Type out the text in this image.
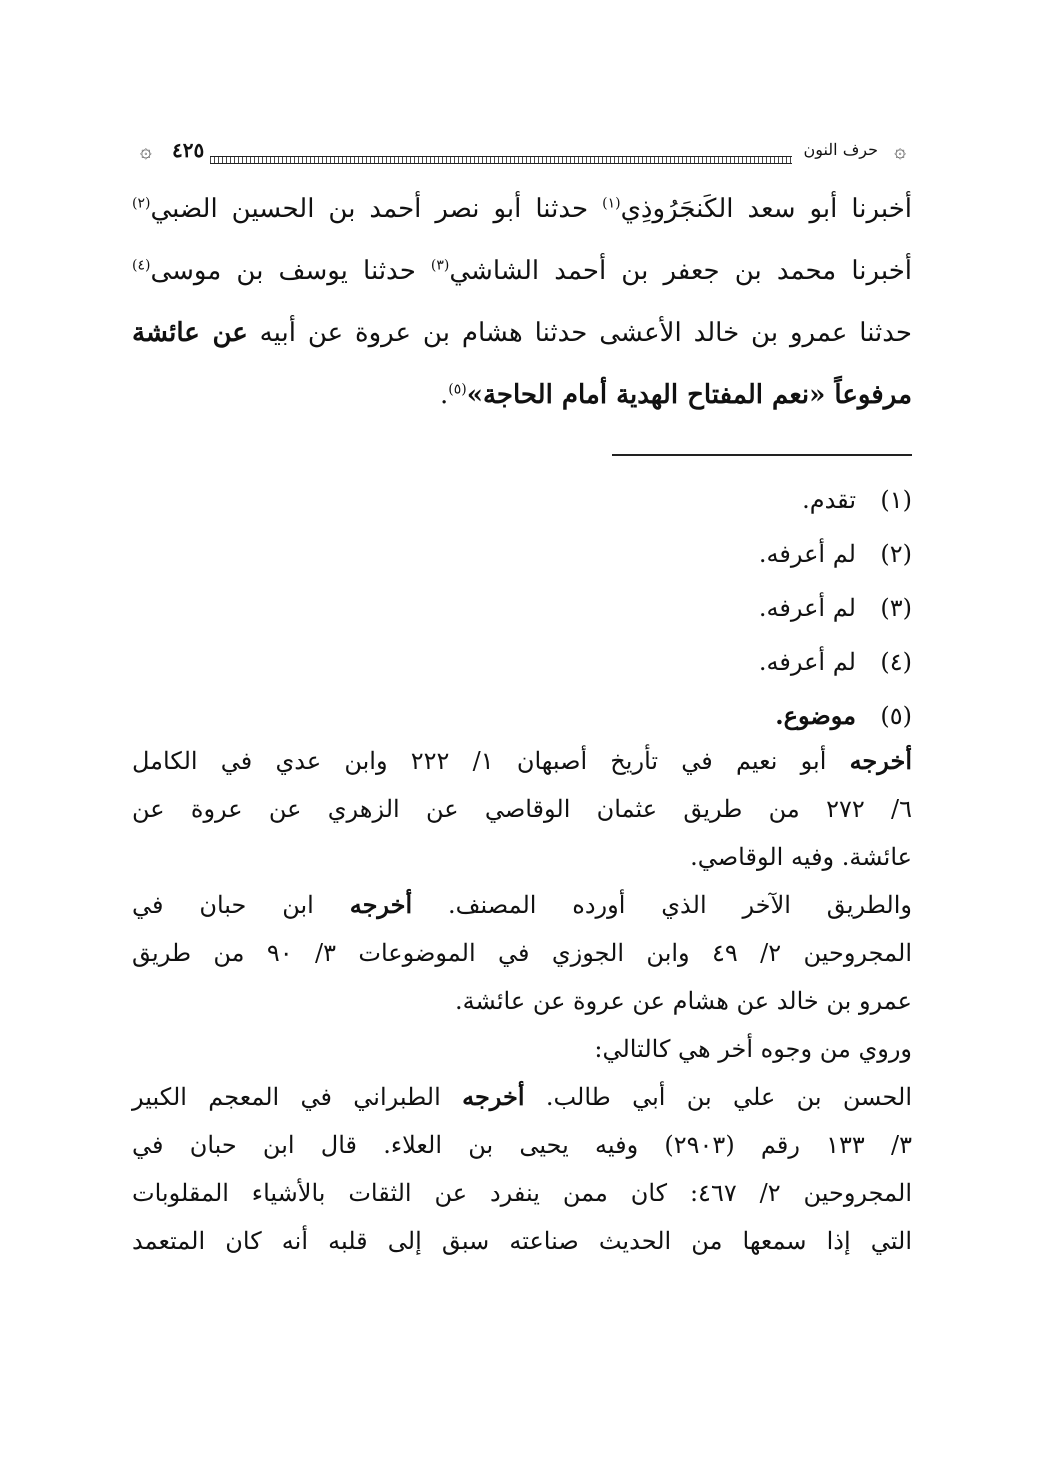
۞
حرف النون
٤٢٥
۞

أخبرنا أبو سعد الكَنجَرُوذِي$^{(١)}$ حدثنا أبو نصر أحمد بن الحسين الضبي$^{(٢)}$

أخبرنا محمد بن جعفر بن أحمد الشاشي$^{(٣)}$ حدثنا يوسف بن موسى$^{(٤)}$

حدثنا عمرو بن خالد الأعشى حدثنا هشام بن عروة عن أبيه عن عائشة

مرفوعاً «نعم المفتاح الهدية أمام الحاجة»$^{(٥)}$.

(١)تقدم.
(٢)لم أعرفه.
(٣)لم أعرفه.
(٤)لم أعرفه.
(٥)موضوع.

أخرجه أبو نعيم في تأريخ أصبهان ١/ ٢٢٢ وابن عدي في الكامل

٦/ ٢٧٢ من طريق عثمان الوقاصي عن الزهري عن عروة عن

عائشة. وفيه الوقاصي.

والطريق الآخر الذي أورده المصنف. أخرجه ابن حبان في

المجروحين ٢/ ٤٩ وابن الجوزي في الموضوعات ٣/ ٩٠ من طريق

عمرو بن خالد عن هشام عن عروة عن عائشة.

وروي من وجوه أخر هي كالتالي:

الحسن بن علي بن أبي طالب. أخرجه الطبراني في المعجم الكبير

٣/ ١٣٣ رقم (٢٩٠٣) وفيه يحيى بن العلاء. قال ابن حبان في

المجروحين ٢/ ٤٦٧: كان ممن ينفرد عن الثقات بالأشياء المقلوبات

التي إذا سمعها من الحديث صناعته سبق إلى قلبه أنه كان المتعمد
